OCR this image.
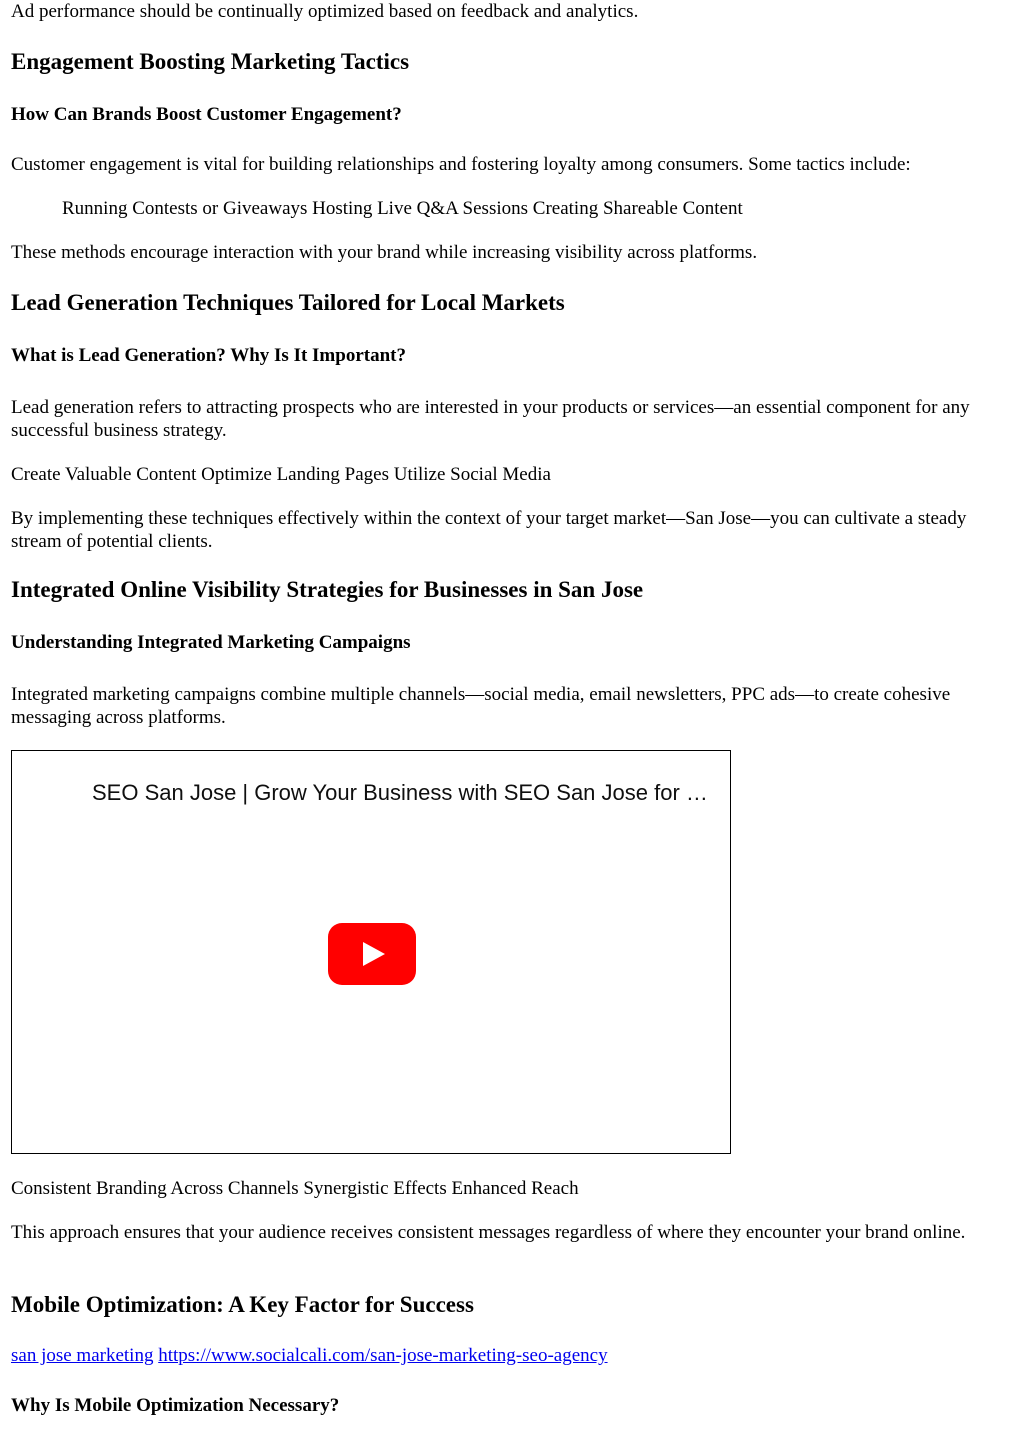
Ad performance should be continually optimized based on feedback and analytics.

Engagement Boosting Marketing Tactics
How Can Brands Boost Customer Engagement?

Customer engagement is vital for building relationships and fostering loyalty among consumers. Some tactics include:

Running Contests or Giveaways Hosting Live Q&A Sessions Creating Shareable Content

These methods encourage interaction with your brand while increasing visibility across platforms.

Lead Generation Techniques Tailored for Local Markets
What is Lead Generation? Why Is It Important?

Lead generation refers to attracting prospects who are interested in your products or services—an essential component for any successful business strategy.

Create Valuable Content Optimize Landing Pages Utilize Social Media

By implementing these techniques effectively within the context of your target market—San Jose—you can cultivate a steady stream of potential clients.

Integrated Online Visibility Strategies for Businesses in San Jose
Understanding Integrated Marketing Campaigns

Integrated marketing campaigns combine multiple channels—social media, email newsletters, PPC ads—to create cohesive messaging across platforms.

SEO San Jose | Grow Your Business with SEO San Jose for …

Consistent Branding Across Channels Synergistic Effects Enhanced Reach

This approach ensures that your audience receives consistent messages regardless of where they encounter your brand online.

Mobile Optimization: A Key Factor for Success

san jose marketing https://www.socialcali.com/san-jose-marketing-seo-agency

Why Is Mobile Optimization Necessary?
